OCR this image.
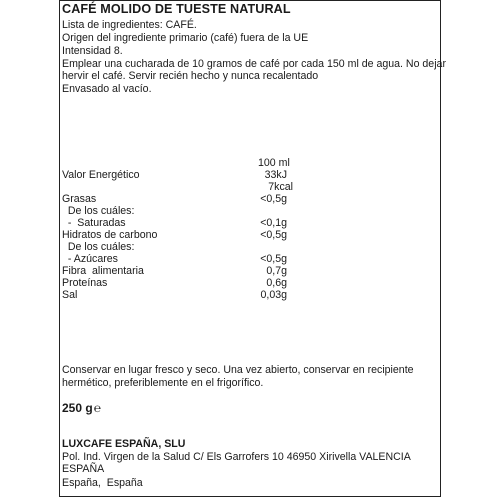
CAFÉ MOLIDO DE TUESTE NATURAL
Lista de ingredientes: CAFÉ.
Origen del ingrediente primario (café) fuera de la UE
Intensidad 8.
Emplear una cucharada de 10 gramos de café por cada 150 ml de agua. No dejar
hervir el café. Servir recién hecho y nunca recalentado
Envasado al vacío.
100 ml
Valor Energético	33kJ
7kcal
Grasas	<0,5g
De los cuáles:
-  Saturadas	<0,1g
Hidratos de carbono	<0,5g
De los cuáles:
- Azúcares	<0,5g
Fibra  alimentaria	0,7g
Proteínas	0,6g
Sal	0,03g
Conservar en lugar fresco y seco. Una vez abierto, conservar en recipiente
hermético, preferiblemente en el frigorífico.
250 g℮
LUXCAFE ESPAÑA, SLU
Pol. Ind. Virgen de la Salud C/ Els Garrofers 10 46950 Xirivella VALENCIA
ESPAÑA
España,  España
